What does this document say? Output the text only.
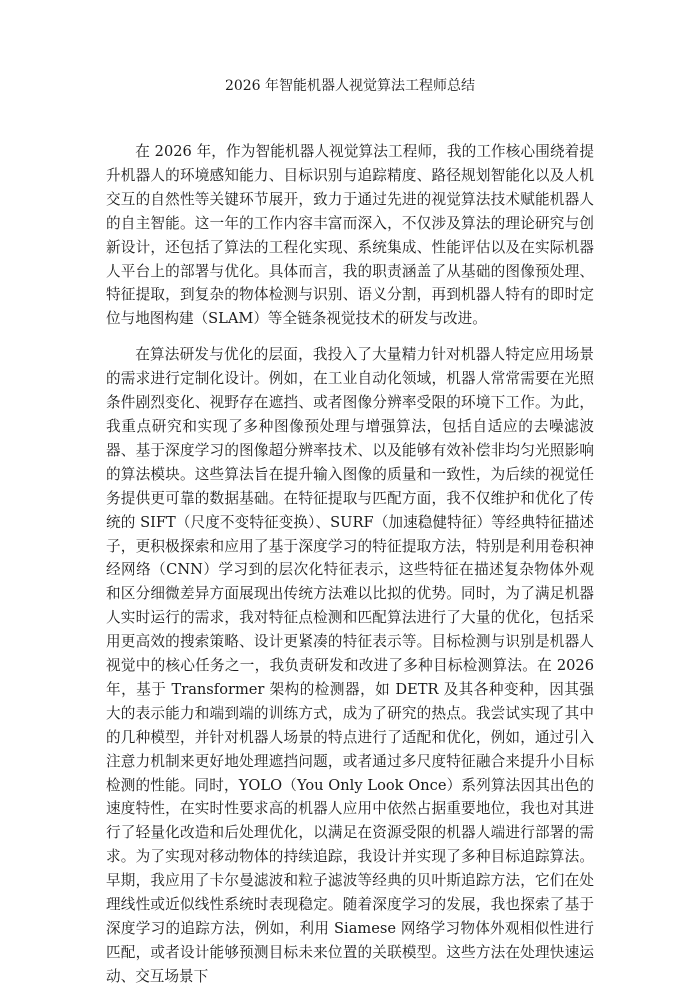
2026 年智能机器人视觉算法工程师总结

在 2026 年，作为智能机器人视觉算法工程师，我的工作核心围绕着提升机器人的环境感知能力、目标识别与追踪精度、路径规划智能化以及人机交互的自然性等关键环节展开，致力于通过先进的视觉算法技术赋能机器人的自主智能。这一年的工作内容丰富而深入，不仅涉及算法的理论研究与创新设计，还包括了算法的工程化实现、系统集成、性能评估以及在实际机器人平台上的部署与优化。具体而言，我的职责涵盖了从基础的图像预处理、特征提取，到复杂的物体检测与识别、语义分割，再到机器人特有的即时定位与地图构建（SLAM）等全链条视觉技术的研发与改进。

在算法研发与优化的层面，我投入了大量精力针对机器人特定应用场景的需求进行定制化设计。例如，在工业自动化领域，机器人常常需要在光照条件剧烈变化、视野存在遮挡、或者图像分辨率受限的环境下工作。为此，我重点研究和实现了多种图像预处理与增强算法，包括自适应的去噪滤波器、基于深度学习的图像超分辨率技术、以及能够有效补偿非均匀光照影响的算法模块。这些算法旨在提升输入图像的质量和一致性，为后续的视觉任务提供更可靠的数据基础。在特征提取与匹配方面，我不仅维护和优化了传统的 SIFT（尺度不变特征变换）、SURF（加速稳健特征）等经典特征描述子，更积极探索和应用了基于深度学习的特征提取方法，特别是利用卷积神经网络（CNN）学习到的层次化特征表示，这些特征在描述复杂物体外观和区分细微差异方面展现出传统方法难以比拟的优势。同时，为了满足机器人实时运行的需求，我对特征点检测和匹配算法进行了大量的优化，包括采用更高效的搜索策略、设计更紧凑的特征表示等。目标检测与识别是机器人视觉中的核心任务之一，我负责研发和改进了多种目标检测算法。在 2026 年，基于 Transformer 架构的检测器，如 DETR 及其各种变种，因其强大的表示能力和端到端的训练方式，成为了研究的热点。我尝试实现了其中的几种模型，并针对机器人场景的特点进行了适配和优化，例如，通过引入注意力机制来更好地处理遮挡问题，或者通过多尺度特征融合来提升小目标检测的性能。同时，YOLO（You Only Look Once）系列算法因其出色的速度特性，在实时性要求高的机器人应用中依然占据重要地位，我也对其进行了轻量化改造和后处理优化，以满足在资源受限的机器人端进行部署的需求。为了实现对移动物体的持续追踪，我设计并实现了多种目标追踪算法。早期，我应用了卡尔曼滤波和粒子滤波等经典的贝叶斯追踪方法，它们在处理线性或近似线性系统时表现稳定。随着深度学习的发展，我也探索了基于深度学习的追踪方法，例如，利用 Siamese 网络学习物体外观相似性进行匹配，或者设计能够预测目标未来位置的关联模型。这些方法在处理快速运动、交互场景下
